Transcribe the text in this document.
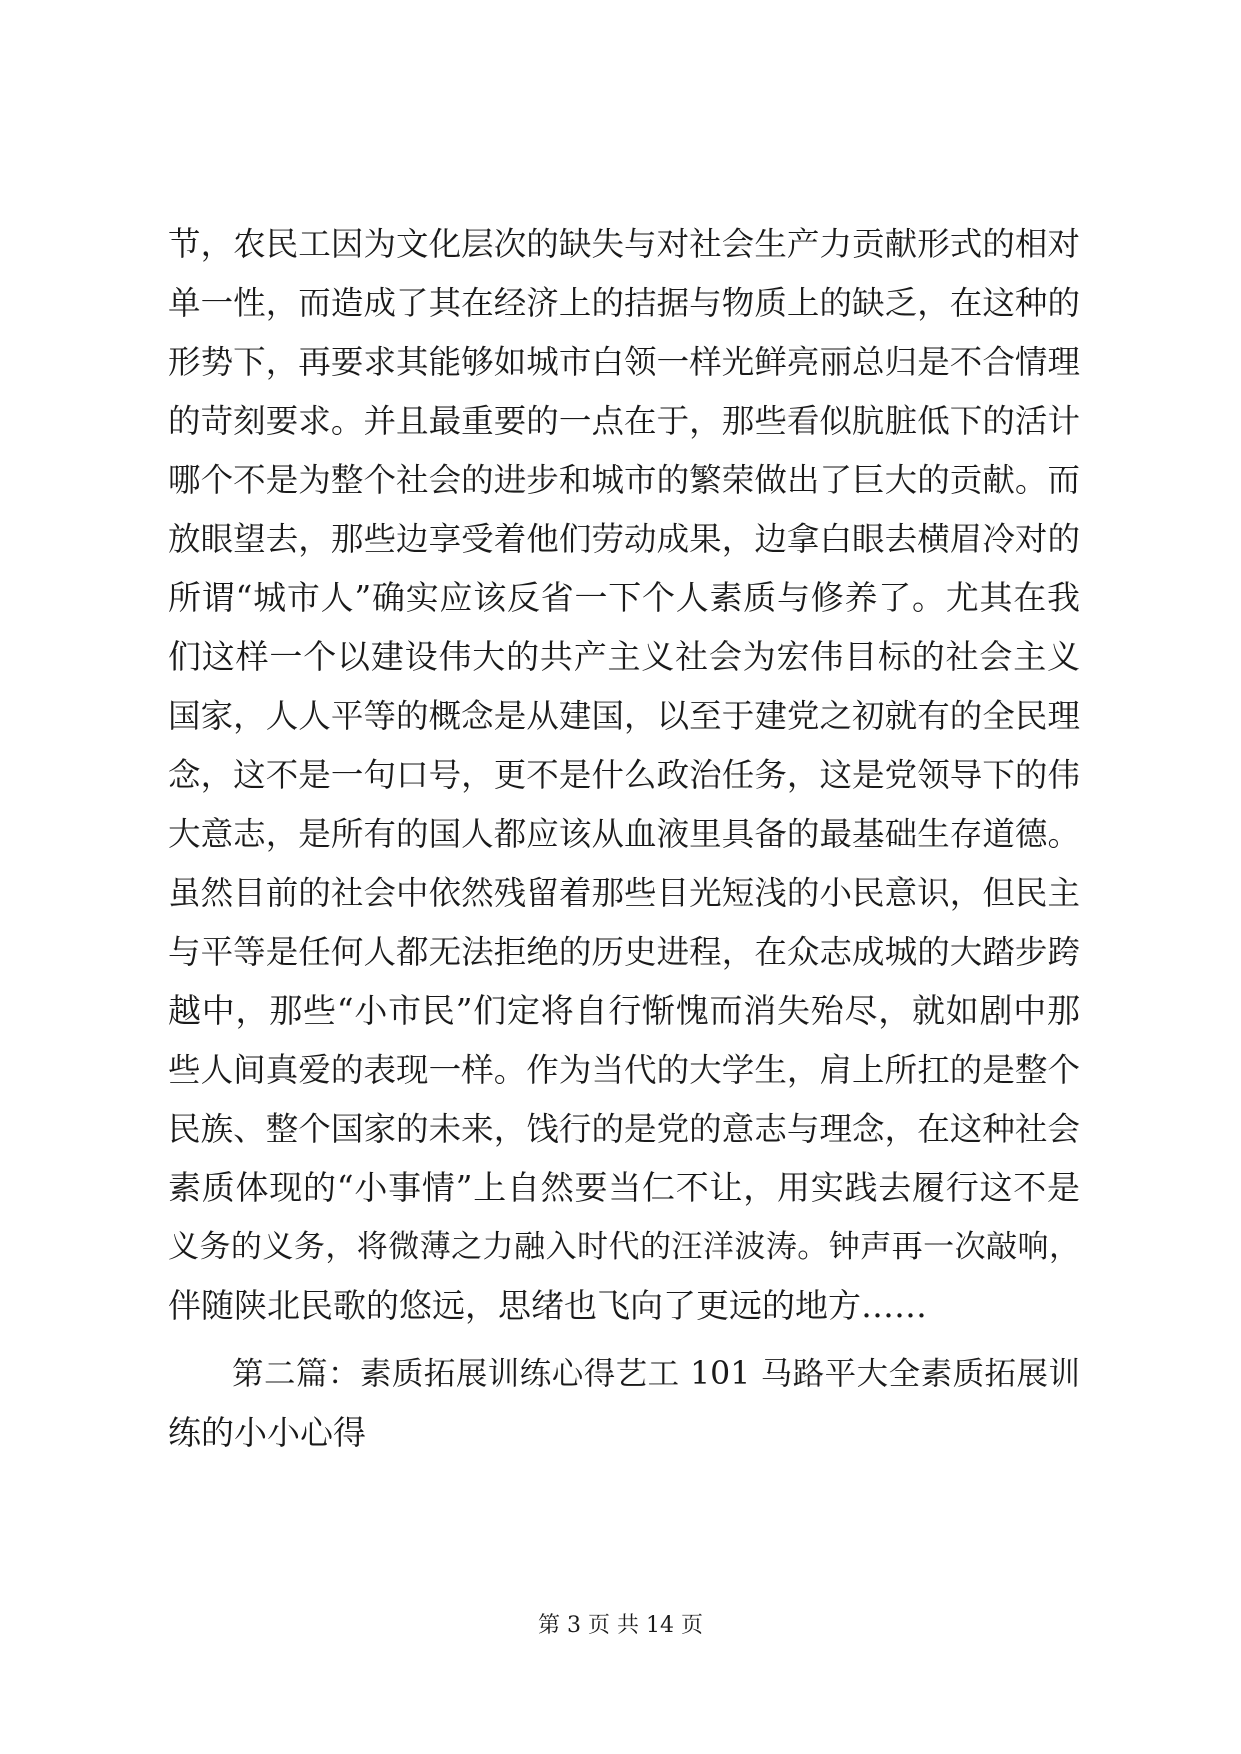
节，农民工因为文化层次的缺失与对社会生产力贡献形式的相对
单一性，而造成了其在经济上的拮据与物质上的缺乏，在这种的
形势下，再要求其能够如城市白领一样光鲜亮丽总归是不合情理
的苛刻要求。并且最重要的一点在于，那些看似肮脏低下的活计
哪个不是为整个社会的进步和城市的繁荣做出了巨大的贡献。而
放眼望去，那些边享受着他们劳动成果，边拿白眼去横眉冷对的
所谓“城市人”确实应该反省一下个人素质与修养了。尤其在我
们这样一个以建设伟大的共产主义社会为宏伟目标的社会主义
国家，人人平等的概念是从建国，以至于建党之初就有的全民理
念，这不是一句口号，更不是什么政治任务，这是党领导下的伟
大意志，是所有的国人都应该从血液里具备的最基础生存道德。
虽然目前的社会中依然残留着那些目光短浅的小民意识，但民主
与平等是任何人都无法拒绝的历史进程，在众志成城的大踏步跨
越中，那些“小市民”们定将自行惭愧而消失殆尽，就如剧中那
些人间真爱的表现一样。作为当代的大学生，肩上所扛的是整个
民族、整个国家的未来，饯行的是党的意志与理念，在这种社会
素质体现的“小事情”上自然要当仁不让，用实践去履行这不是
义务的义务，将微薄之力融入时代的汪洋波涛。钟声再一次敲响，
伴随陕北民歌的悠远，思绪也飞向了更远的地方……
第二篇：素质拓展训练心得艺工 101 马路平大全素质拓展训
练的小小心得
第 3 页 共 14 页
